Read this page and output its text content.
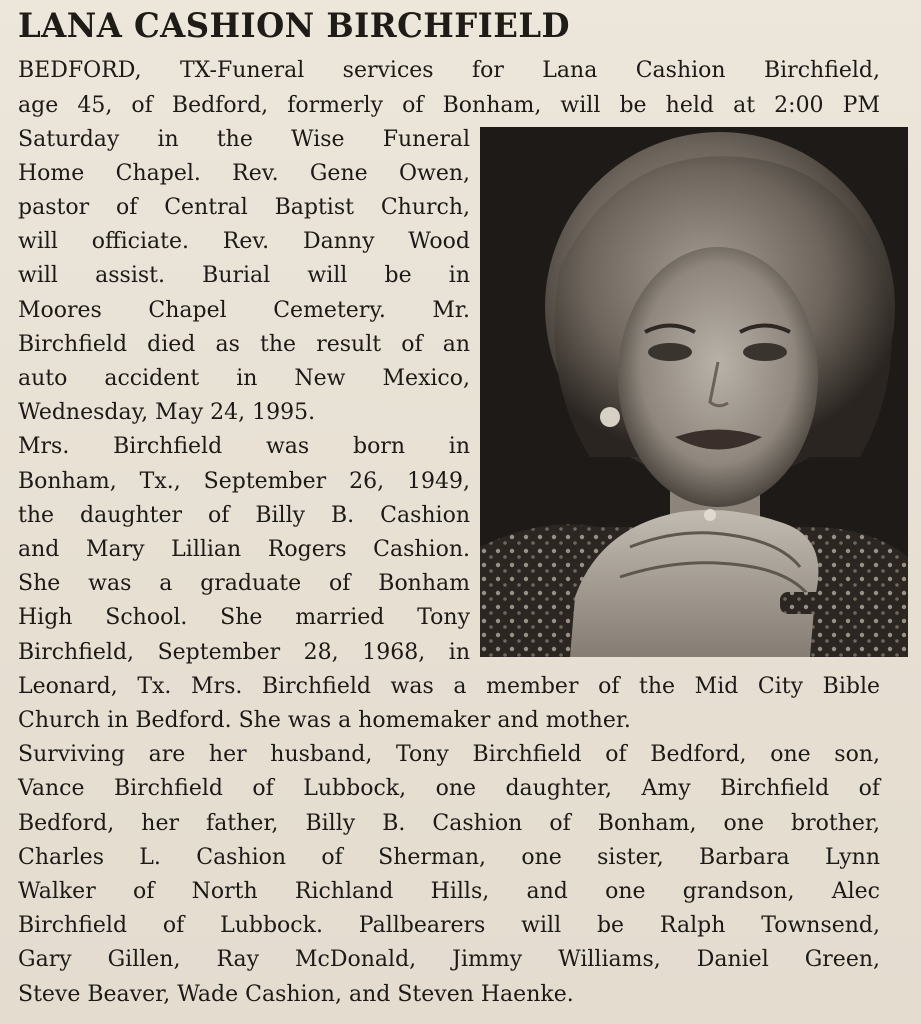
LANA CASHION BIRCHFIELD

BEDFORD, TX-Funeral services for Lana Cashion Birchfield,

age 45, of Bedford, formerly of Bonham, will be held at 2:00 PM

Saturday in the Wise Funeral

Home Chapel. Rev. Gene Owen,

pastor of Central Baptist Church,

will officiate. Rev. Danny Wood

will assist. Burial will be in

Moores Chapel Cemetery. Mr.

Birchfield died as the result of an

auto accident in New Mexico,

Wednesday, May 24, 1995.

Mrs. Birchfield was born in

Bonham, Tx., September 26, 1949,

the daughter of Billy B. Cashion

and Mary Lillian Rogers Cashion.

She was a graduate of Bonham

High School. She married Tony

Birchfield, September 28, 1968, in

Leonard, Tx. Mrs. Birchfield was a member of the Mid City Bible

Church in Bedford. She was a homemaker and mother.

Surviving are her husband, Tony Birchfield of Bedford, one son,

Vance Birchfield of Lubbock, one daughter, Amy Birchfield of

Bedford, her father, Billy B. Cashion of Bonham, one brother,

Charles L. Cashion of Sherman, one sister, Barbara Lynn

Walker of North Richland Hills, and one grandson, Alec

Birchfield of Lubbock. Pallbearers will be Ralph Townsend,

Gary Gillen, Ray McDonald, Jimmy Williams, Daniel Green,

Steve Beaver, Wade Cashion, and Steven Haenke.
